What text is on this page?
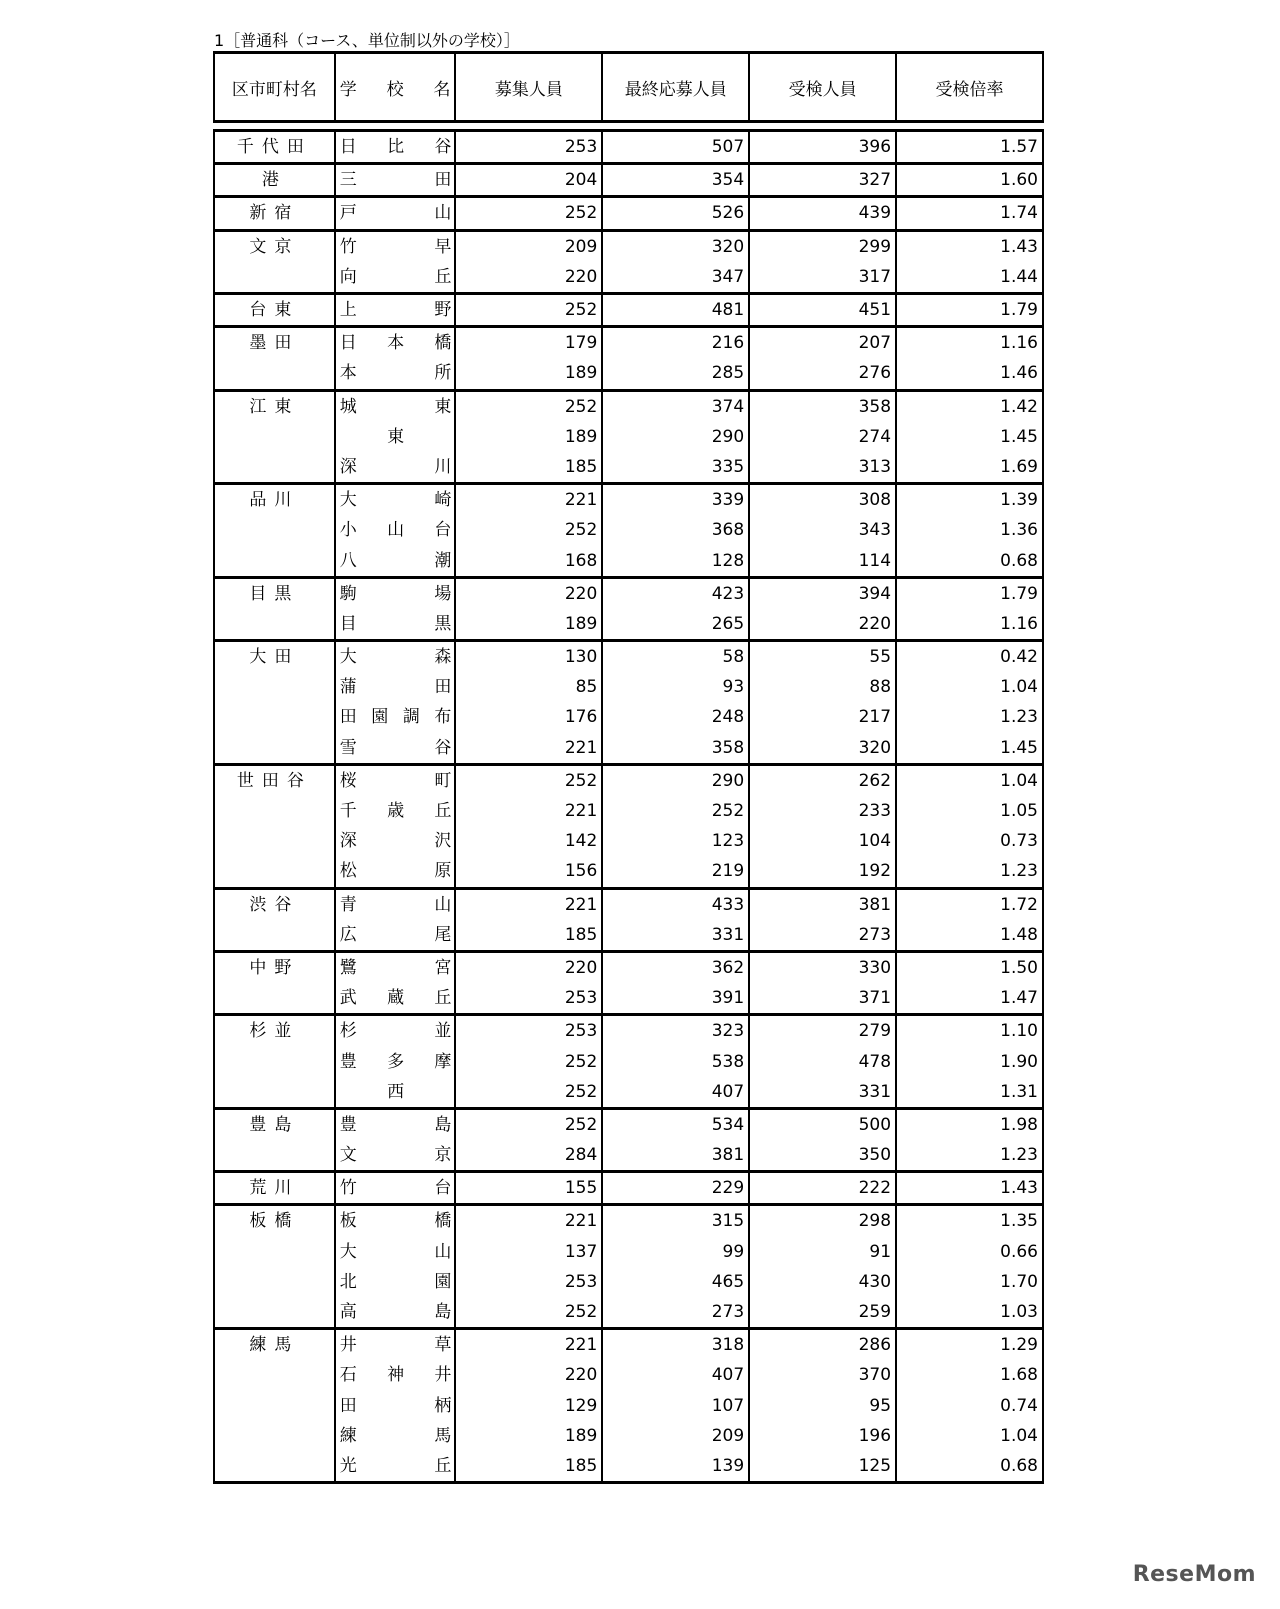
1［普通科（コース、単位制以外の学校）］
区市町村名	学 校 名	募集人員	最終応募人員	受検人員	受検倍率

千代田	日比谷	253	507	396	1.57
港	三田	204	354	327	1.60
新宿	戸山	252	526	439	1.74
文京	竹早	209	320	299	1.43
	向丘	220	347	317	1.44
台東	上野	252	481	451	1.79
墨田	日本橋	179	216	207	1.16
	本所	189	285	276	1.46
江東	城東	252	374	358	1.42
	東	189	290	274	1.45
	深川	185	335	313	1.69
品川	大崎	221	339	308	1.39
	小山台	252	368	343	1.36
	八潮	168	128	114	0.68
目黒	駒場	220	423	394	1.79
	目黒	189	265	220	1.16
大田	大森	130	58	55	0.42
	蒲田	85	93	88	1.04
	田園調布	176	248	217	1.23
	雪谷	221	358	320	1.45
世田谷	桜町	252	290	262	1.04
	千歳丘	221	252	233	1.05
	深沢	142	123	104	0.73
	松原	156	219	192	1.23
渋谷	青山	221	433	381	1.72
	広尾	185	331	273	1.48
中野	鷺宮	220	362	330	1.50
	武蔵丘	253	391	371	1.47
杉並	杉並	253	323	279	1.10
	豊多摩	252	538	478	1.90
	西	252	407	331	1.31
豊島	豊島	252	534	500	1.98
	文京	284	381	350	1.23
荒川	竹台	155	229	222	1.43
板橋	板橋	221	315	298	1.35
	大山	137	99	91	0.66
	北園	253	465	430	1.70
	高島	252	273	259	1.03
練馬	井草	221	318	286	1.29
	石神井	220	407	370	1.68
	田柄	129	107	95	0.74
	練馬	189	209	196	1.04
	光丘	185	139	125	0.68
ReseMom
